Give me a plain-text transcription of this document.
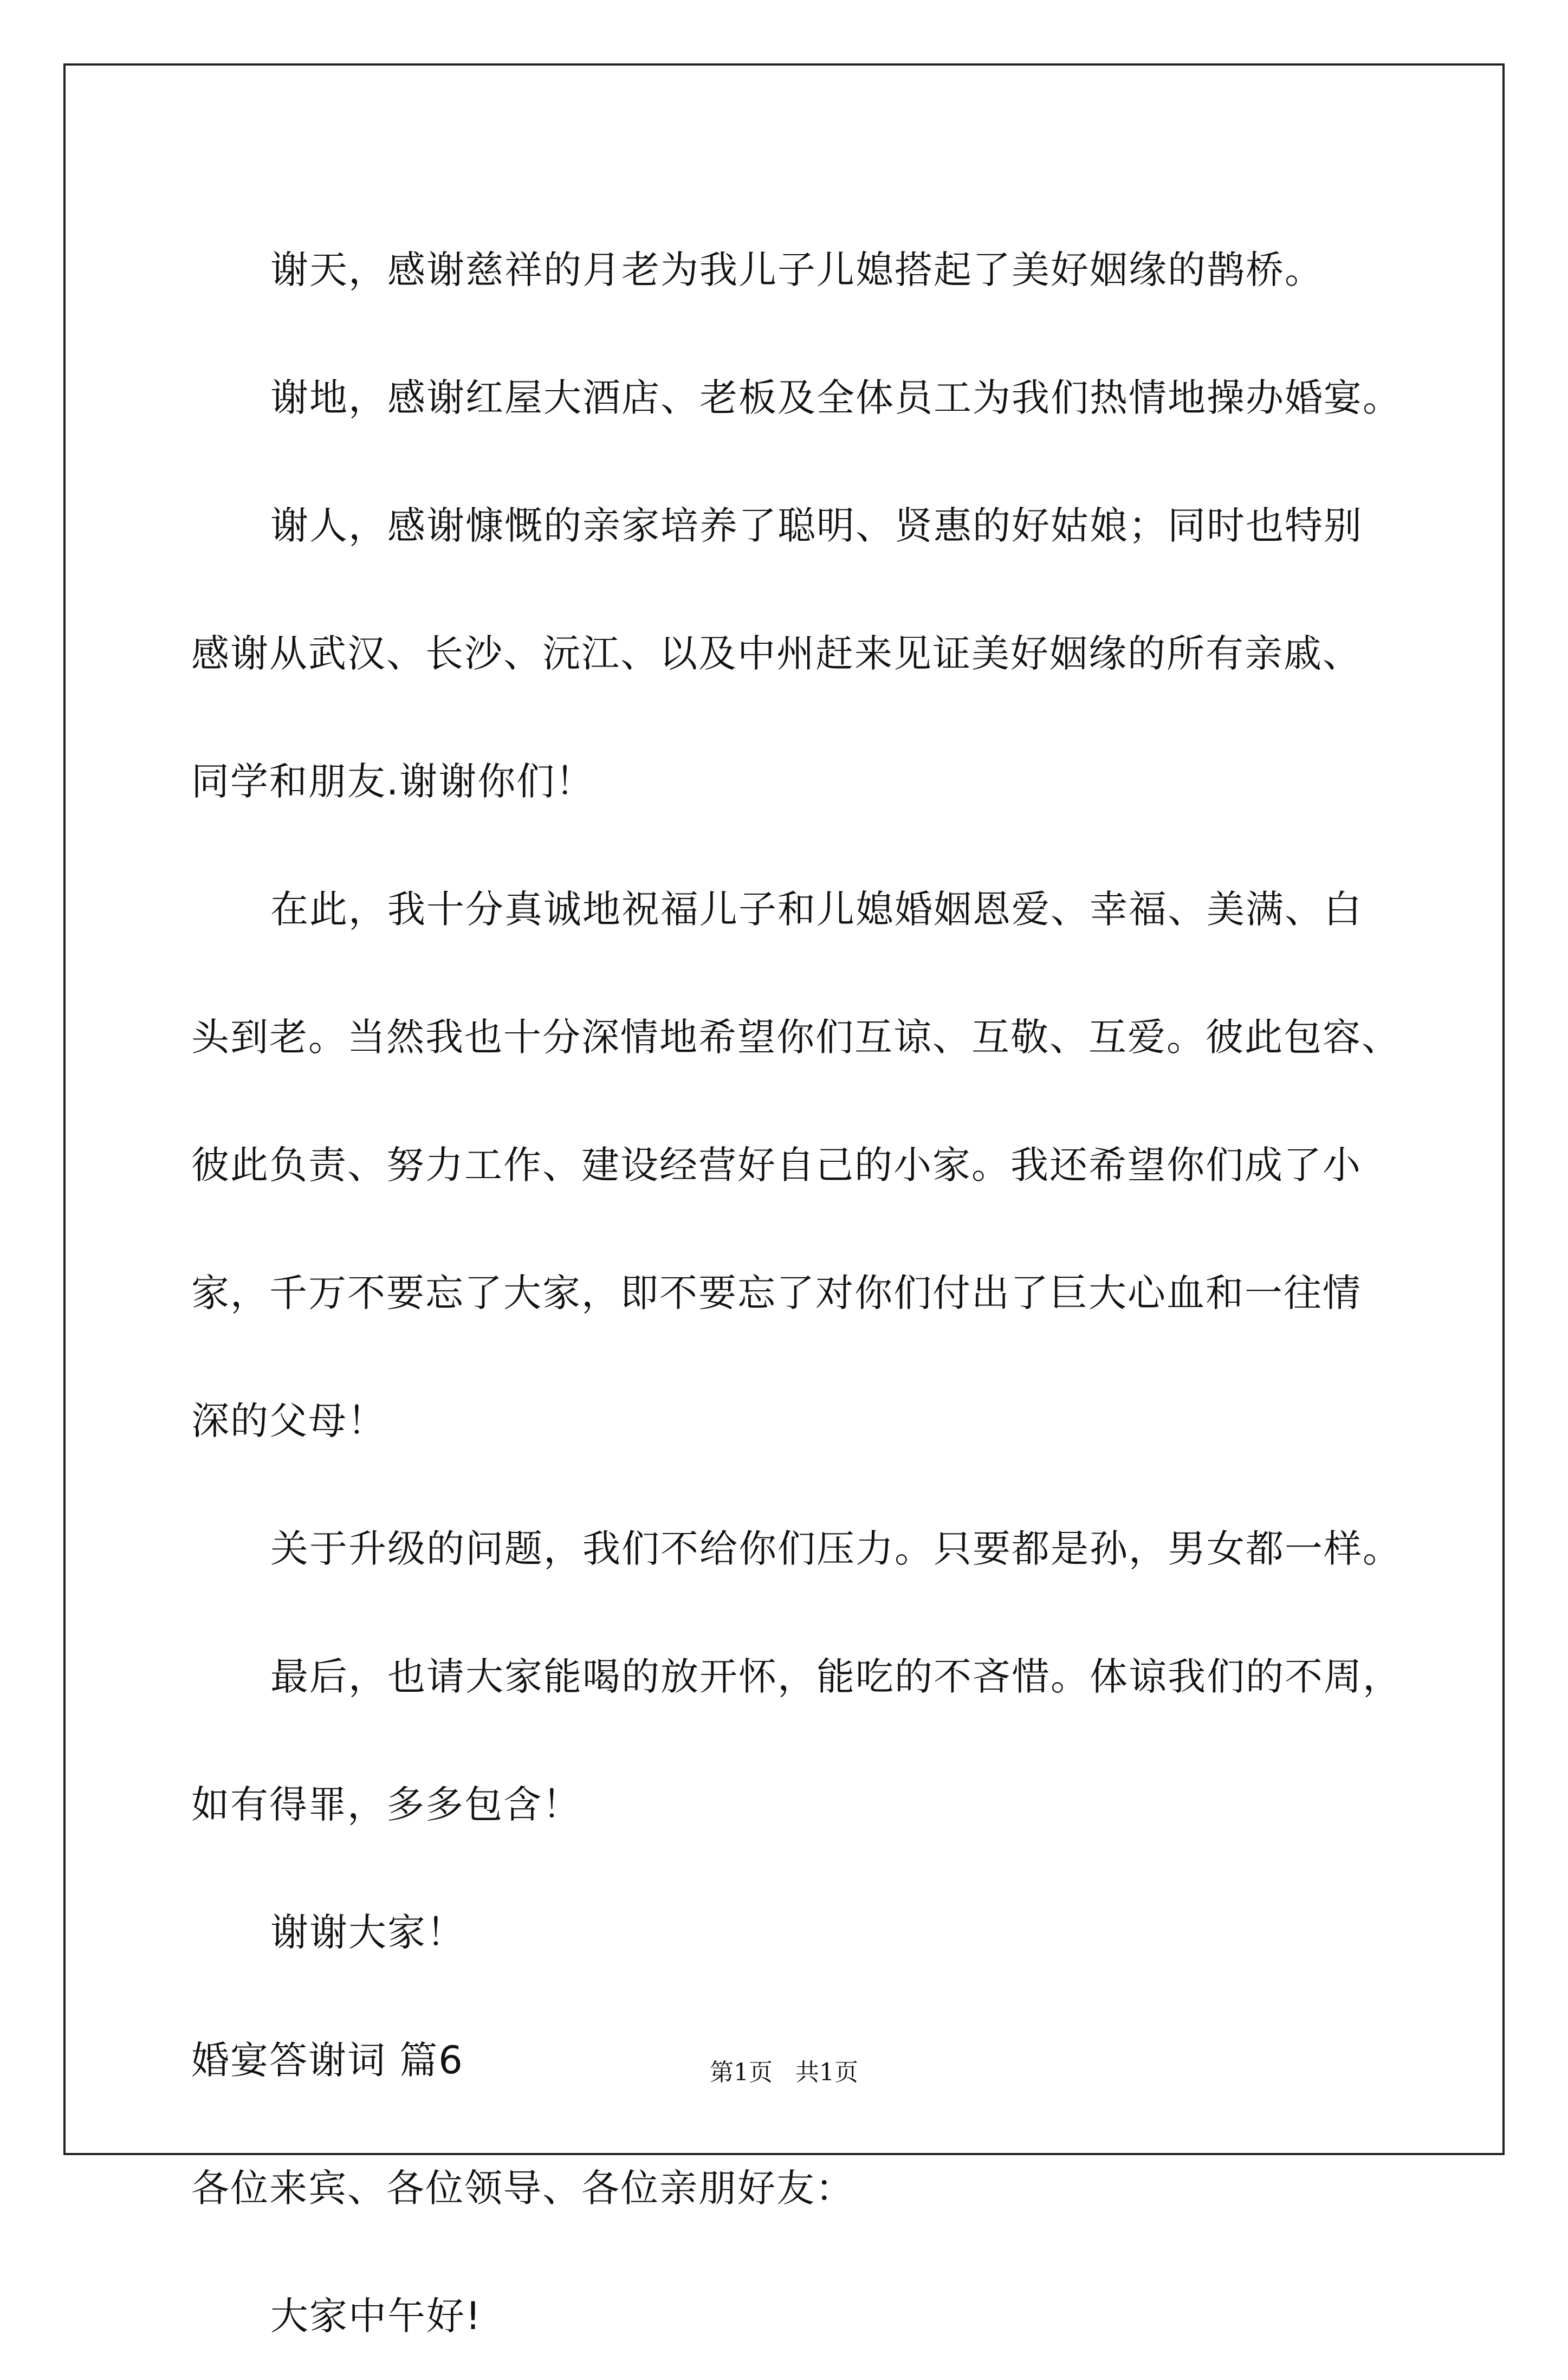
谢天，感谢慈祥的月老为我儿子儿媳搭起了美好姻缘的鹊桥。

谢地，感谢红屋大酒店、老板及全体员工为我们热情地操办婚宴。

谢人，感谢慷慨的亲家培养了聪明、贤惠的好姑娘；同时也特别

感谢从武汉、长沙、沅江、以及中州赶来见证美好姻缘的所有亲戚、

同学和朋友.谢谢你们！

在此，我十分真诚地祝福儿子和儿媳婚姻恩爱、幸福、美满、白

头到老。当然我也十分深情地希望你们互谅、互敬、互爱。彼此包容、

彼此负责、努力工作、建设经营好自己的小家。我还希望你们成了小

家，千万不要忘了大家，即不要忘了对你们付出了巨大心血和一往情

深的父母！

关于升级的问题，我们不给你们压力。只要都是孙，男女都一样。

最后，也请大家能喝的放开怀，能吃的不吝惜。体谅我们的不周，

如有得罪，多多包含！

谢谢大家！

婚宴答谢词 篇6

各位来宾、各位领导、各位亲朋好友：

大家中午好!

第1页 共1页
